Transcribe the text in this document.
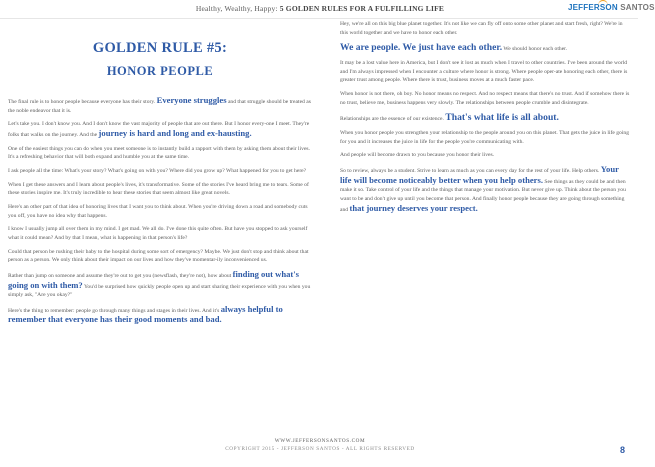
Healthy, Wealthy, Happy: 5 GOLDEN RULES FOR A FULFILLING LIFE	JEFFERSON SANTOS
GOLDEN RULE #5:
HONOR PEOPLE

The final rule is to honor people because everyone has their story. Everyone struggles and that struggle should be treated as the noble endeavor that it is.

Let's take you. I don't know you. And I don't know the vast majority of people that are out there. But I honor every-one I meet. They're folks that walks on the journey. And the journey is hard and long and ex-hausting.

One of the easiest things you can do when you meet someone is to instantly build a rapport with them by asking them about their lives. It's a refreshing behavior that will both expand and humble you at the same time.

I ask people all the time: What's your story? What's going on with you? Where did you grow up? What happened for you to get here?

When I get these answers and I learn about people's lives, it's transformative. Some of the stories I've heard bring me to tears. Some of these stories inspire me. It's truly incredible to hear these stories that seem almost like great novels.

Here's an other part of that idea of honoring lives that I want you to think about. When you're driving down a road and somebody cuts you off, you have no idea why that happens.

I know I usually jump all over them in my mind. I get mad. We all do. I've done this quite often. But have you stopped to ask yourself what it could mean? And by that I mean, what is happening in that person's life?

Could that person be rushing their baby to the hospital during some sort of emergency? Maybe. We just don't stop and think about that person as a person. We only think about their impact on our lives and how they've momentar-ily inconvenienced us.

Rather than jump on someone and assume they're out to get you (newsflash, they're not), how about finding out what's going on with them? You'd be surprised how quickly people open up and start sharing their experience with you when you simply ask, "Are you okay?"

Here's the thing to remember: people go through many things and stages in their lives. And it's always helpful to remember that everyone has their good moments and bad.

Hey, we're all on this big blue planet together. It's not like we can fly off onto some other planet and start fresh, right? We're in this world together and we have to honor each other.

We are people. We just have each other. We should honor each other.

It may be a lost value here in America, but I don't see it lost as much when I travel to other countries. I've been around the world and I'm always impressed when I encounter a culture where honor is strong. Where people oper-ate honoring each other, there is greater trust among people. Where there is trust, business moves at a much faster pace.

When honor is not there, oh boy. No honor means no respect. And no respect means that there's no trust. And if somehow there is no trust, believe me, business happens very slowly. The relationships between people crumble and disintegrate.

Relationships are the essence of our existence. That's what life is all about.

When you honor people you strengthen your relationship to the people around you on this planet. That gets the juice in life going for you and it increases the juice in life for the people you're communicating with.

And people will become drawn to you because you honor their lives.

So to review, always be a student. Strive to learn as much as you can every day for the rest of your life. Help others. Your life will become noticeably better when you help others. See things as they could be and then make it so. Take control of your life and the things that manage your motivation. But never give up. Think about the person you want to be and don't give up until you become that person. And finally honor people because they are going through something and that journey deserves your respect.

WWW.JEFFERSONSANTOS.COM
COPYRIGHT 2015 - JEFFERSON SANTOS - ALL RIGHTS RESERVED	8
